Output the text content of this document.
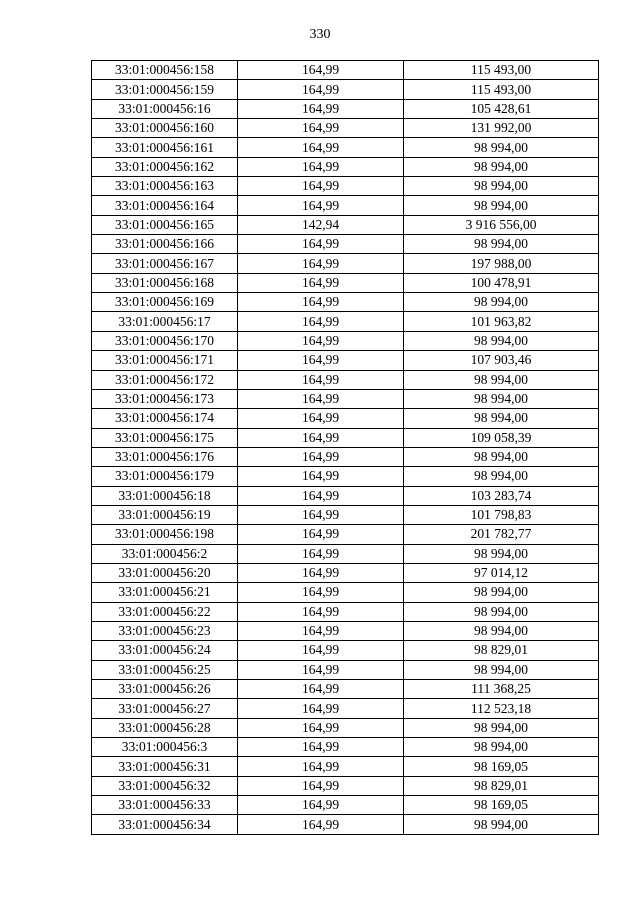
330
33:01:000456:158	164,99	115 493,00
33:01:000456:159	164,99	115 493,00
33:01:000456:16	164,99	105 428,61
33:01:000456:160	164,99	131 992,00
33:01:000456:161	164,99	98 994,00
33:01:000456:162	164,99	98 994,00
33:01:000456:163	164,99	98 994,00
33:01:000456:164	164,99	98 994,00
33:01:000456:165	142,94	3 916 556,00
33:01:000456:166	164,99	98 994,00
33:01:000456:167	164,99	197 988,00
33:01:000456:168	164,99	100 478,91
33:01:000456:169	164,99	98 994,00
33:01:000456:17	164,99	101 963,82
33:01:000456:170	164,99	98 994,00
33:01:000456:171	164,99	107 903,46
33:01:000456:172	164,99	98 994,00
33:01:000456:173	164,99	98 994,00
33:01:000456:174	164,99	98 994,00
33:01:000456:175	164,99	109 058,39
33:01:000456:176	164,99	98 994,00
33:01:000456:179	164,99	98 994,00
33:01:000456:18	164,99	103 283,74
33:01:000456:19	164,99	101 798,83
33:01:000456:198	164,99	201 782,77
33:01:000456:2	164,99	98 994,00
33:01:000456:20	164,99	97 014,12
33:01:000456:21	164,99	98 994,00
33:01:000456:22	164,99	98 994,00
33:01:000456:23	164,99	98 994,00
33:01:000456:24	164,99	98 829,01
33:01:000456:25	164,99	98 994,00
33:01:000456:26	164,99	111 368,25
33:01:000456:27	164,99	112 523,18
33:01:000456:28	164,99	98 994,00
33:01:000456:3	164,99	98 994,00
33:01:000456:31	164,99	98 169,05
33:01:000456:32	164,99	98 829,01
33:01:000456:33	164,99	98 169,05
33:01:000456:34	164,99	98 994,00
